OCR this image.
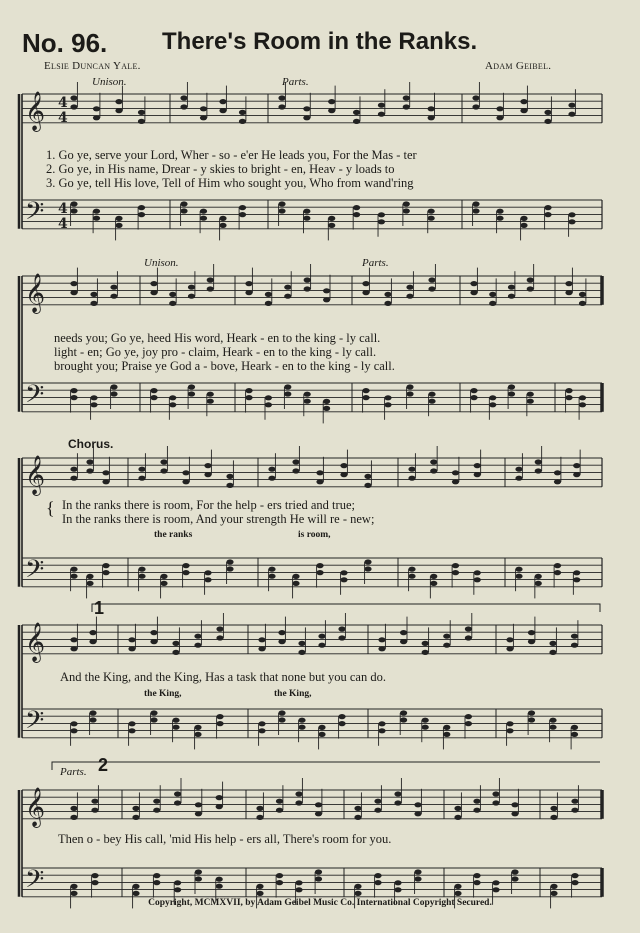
No. 96. There's Room in the Ranks.
Elsie Duncan Yale.	Adam Geibel.
𝄞
𝄢
𝄞
𝄢
𝄞
𝄢
𝄞
𝄢
𝄞
𝄢
4
4
4
4
Unison.	Parts.
Unison.	Parts.
Chorus.
Parts.
1. Go ye, serve your Lord, Wher - so - e'er He leads you, For the Mas - ter
2. Go ye, in His name, Drear - y skies to bright - en, Heav - y loads to
3. Go ye, tell His love, Tell of Him who sought you, Who from wand'ring
needs you; Go ye, heed His word, Heark - en to the king - ly call.
light - en; Go ye, joy pro - claim, Heark - en to the king - ly call.
brought you; Praise ye God a - bove, Heark - en to the king - ly call.
{ In the ranks there is room, For the help - ers tried and true;
In the ranks there is room, And your strength He will re - new;
the ranks	is room,
1
And the King, and the King, Has a task that none but you can do.
the King,	the King,
2
Then o - bey His call, 'mid His help - ers all, There's room for you.
Copyright, MCMXVII, by Adam Geibel Music Co. International Copyright Secured.
